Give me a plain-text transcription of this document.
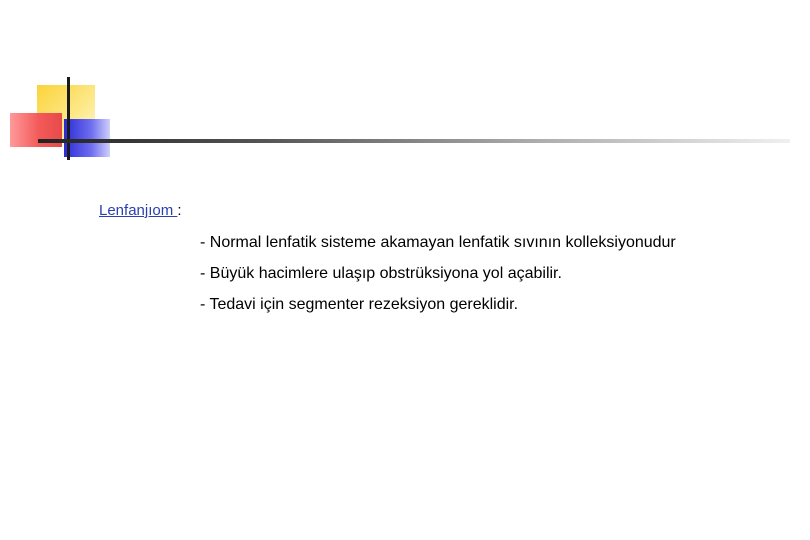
Lenfanjıom :
- Normal lenfatik sisteme akamayan lenfatik sıvının kolleksiyonudur
- Büyük hacimlere ulaşıp obstrüksiyona yol açabilir.
- Tedavi için segmenter rezeksiyon gereklidir.
